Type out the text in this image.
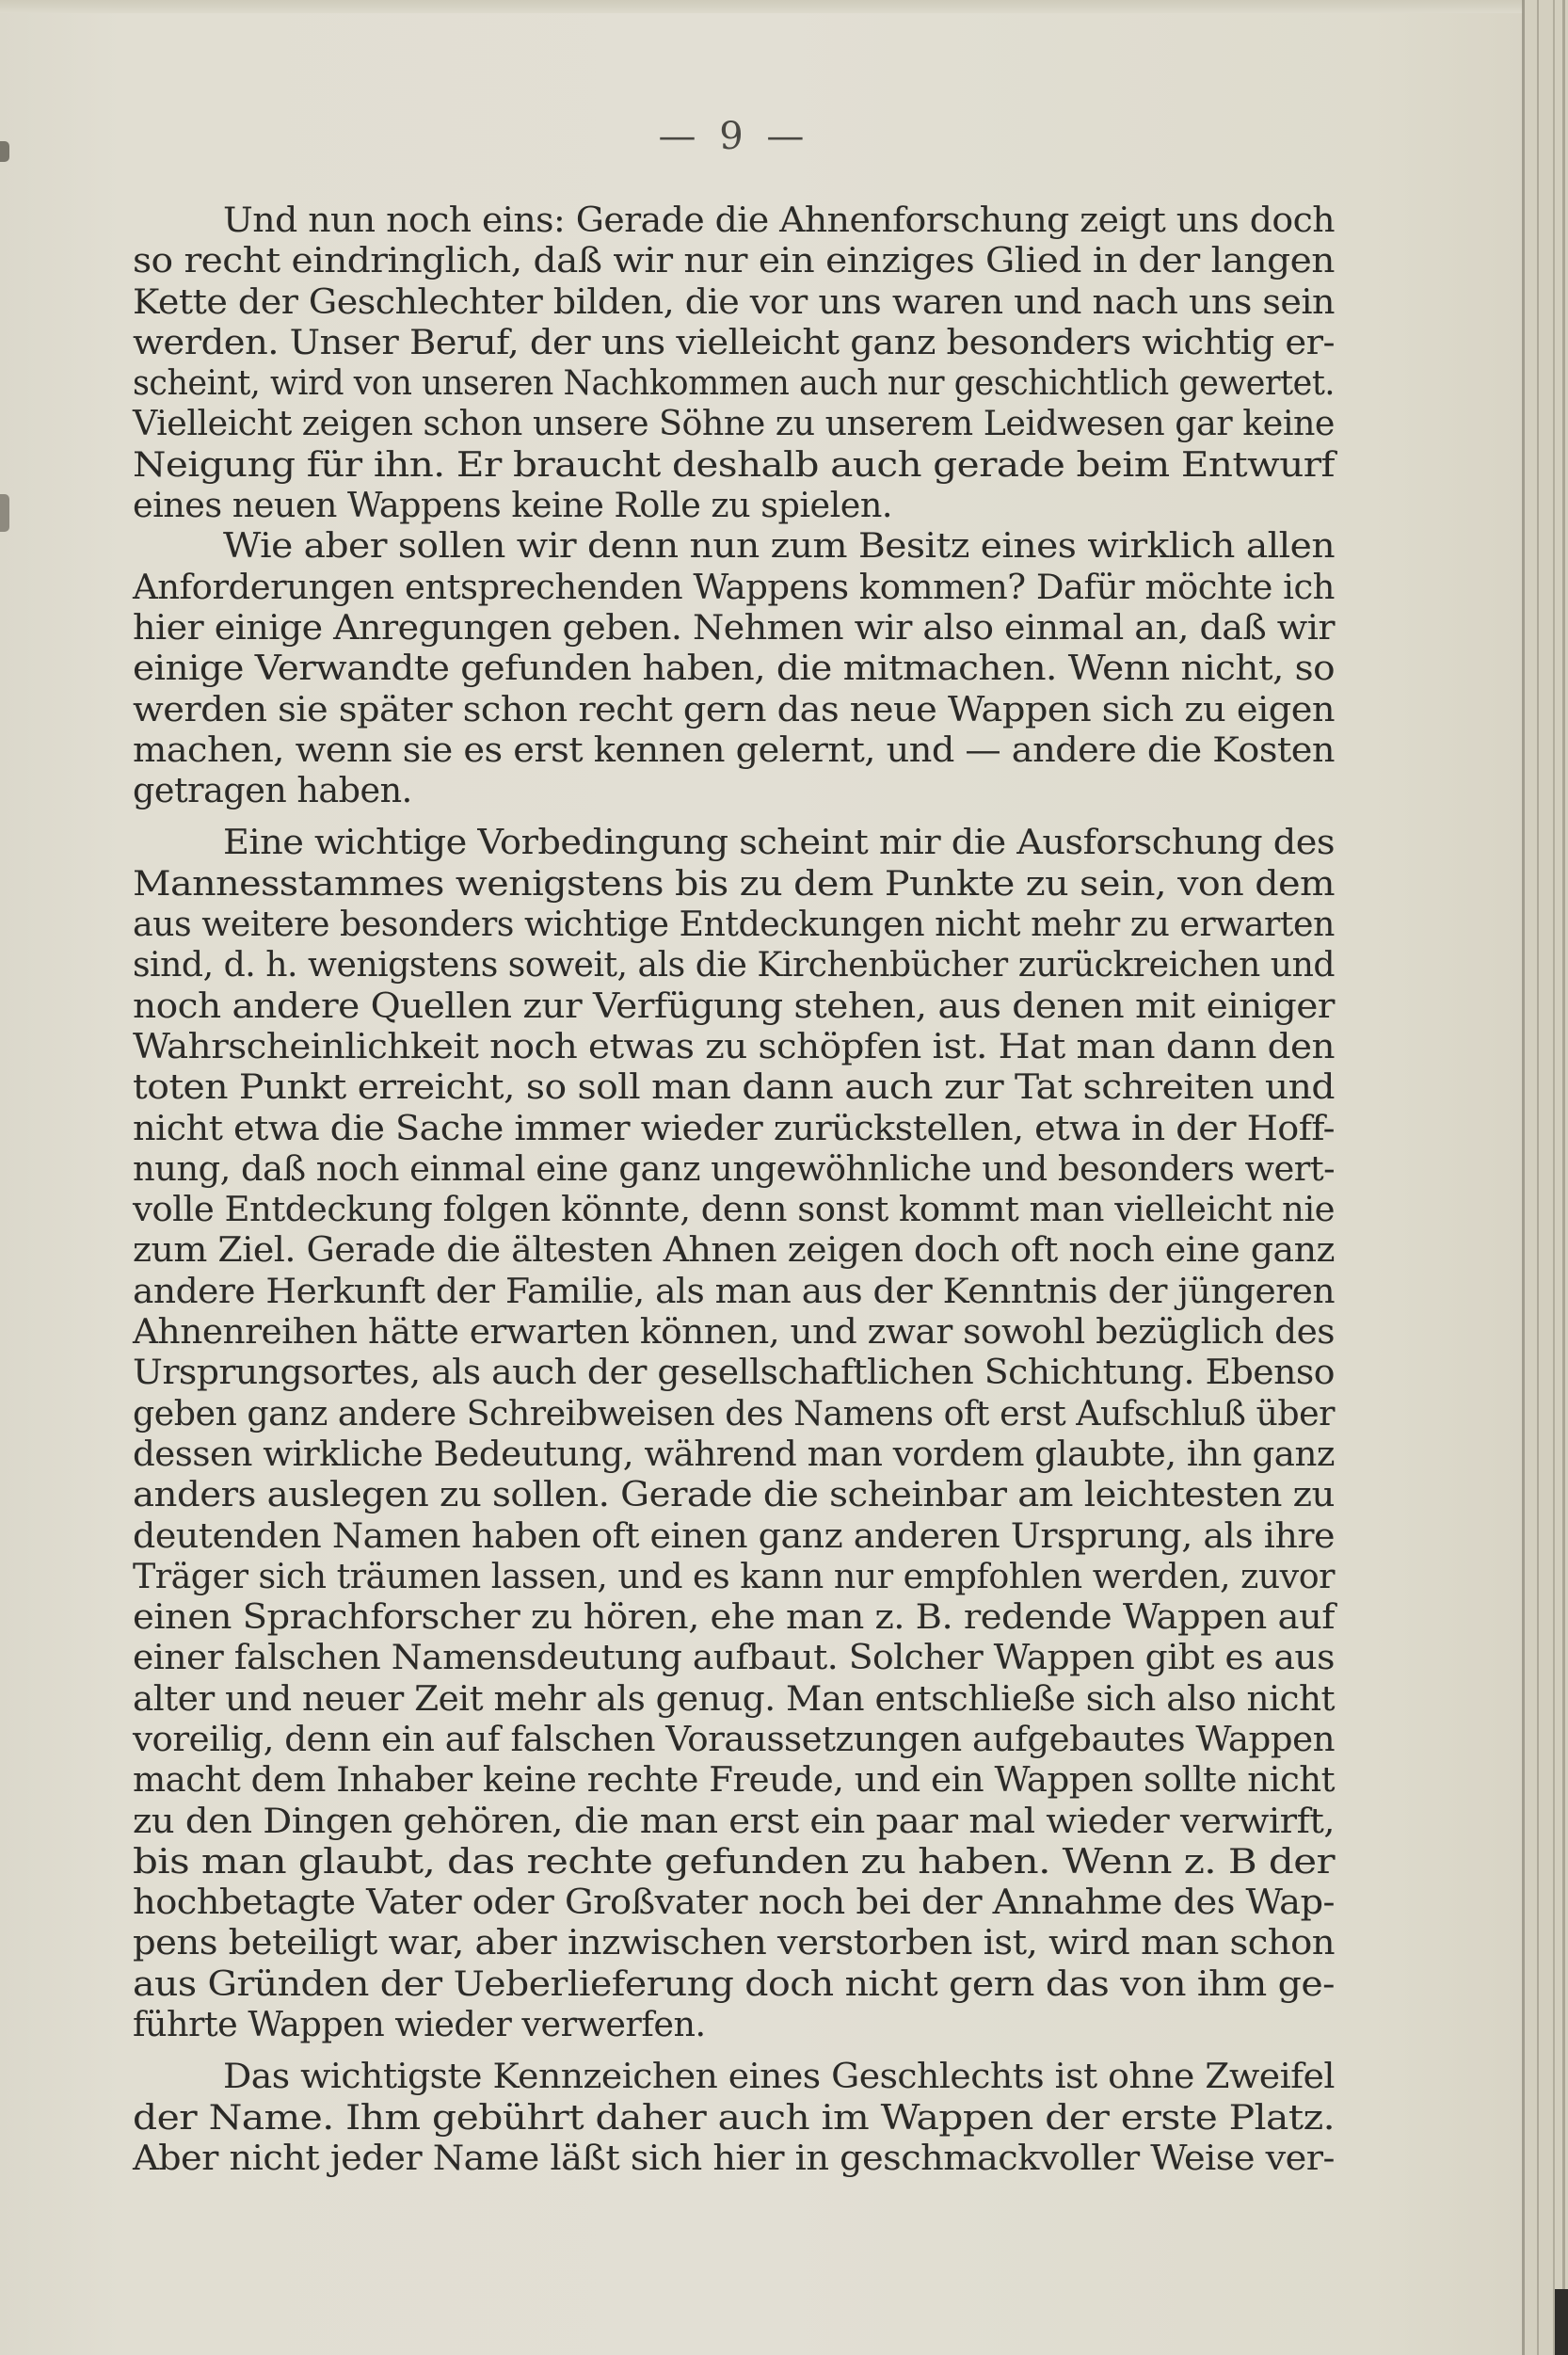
— 9 —
Und nun noch eins: Gerade die Ahnenforschung zeigt uns doch
so recht eindringlich, daß wir nur ein einziges Glied in der langen
Kette der Geschlechter bilden, die vor uns waren und nach uns sein
werden. Unser Beruf, der uns vielleicht ganz besonders wichtig er-
scheint, wird von unseren Nachkommen auch nur geschichtlich gewertet.
Vielleicht zeigen schon unsere Söhne zu unserem Leidwesen gar keine
Neigung für ihn. Er braucht deshalb auch gerade beim Entwurf
eines neuen Wappens keine Rolle zu spielen.
Wie aber sollen wir denn nun zum Besitz eines wirklich allen
Anforderungen entsprechenden Wappens kommen? Dafür möchte ich
hier einige Anregungen geben. Nehmen wir also einmal an, daß wir
einige Verwandte gefunden haben, die mitmachen. Wenn nicht, so
werden sie später schon recht gern das neue Wappen sich zu eigen
machen, wenn sie es erst kennen gelernt, und — andere die Kosten
getragen haben.
Eine wichtige Vorbedingung scheint mir die Ausforschung des
Mannesstammes wenigstens bis zu dem Punkte zu sein, von dem
aus weitere besonders wichtige Entdeckungen nicht mehr zu erwarten
sind, d. h. wenigstens soweit, als die Kirchenbücher zurückreichen und
noch andere Quellen zur Verfügung stehen, aus denen mit einiger
Wahrscheinlichkeit noch etwas zu schöpfen ist. Hat man dann den
toten Punkt erreicht, so soll man dann auch zur Tat schreiten und
nicht etwa die Sache immer wieder zurückstellen, etwa in der Hoff-
nung, daß noch einmal eine ganz ungewöhnliche und besonders wert-
volle Entdeckung folgen könnte, denn sonst kommt man vielleicht nie
zum Ziel. Gerade die ältesten Ahnen zeigen doch oft noch eine ganz
andere Herkunft der Familie, als man aus der Kenntnis der jüngeren
Ahnenreihen hätte erwarten können, und zwar sowohl bezüglich des
Ursprungsortes, als auch der gesellschaftlichen Schichtung. Ebenso
geben ganz andere Schreibweisen des Namens oft erst Aufschluß über
dessen wirkliche Bedeutung, während man vordem glaubte, ihn ganz
anders auslegen zu sollen. Gerade die scheinbar am leichtesten zu
deutenden Namen haben oft einen ganz anderen Ursprung, als ihre
Träger sich träumen lassen, und es kann nur empfohlen werden, zuvor
einen Sprachforscher zu hören, ehe man z. B. redende Wappen auf
einer falschen Namensdeutung aufbaut. Solcher Wappen gibt es aus
alter und neuer Zeit mehr als genug. Man entschließe sich also nicht
voreilig, denn ein auf falschen Voraussetzungen aufgebautes Wappen
macht dem Inhaber keine rechte Freude, und ein Wappen sollte nicht
zu den Dingen gehören, die man erst ein paar mal wieder verwirft,
bis man glaubt, das rechte gefunden zu haben. Wenn z. B der
hochbetagte Vater oder Großvater noch bei der Annahme des Wap-
pens beteiligt war, aber inzwischen verstorben ist, wird man schon
aus Gründen der Ueberlieferung doch nicht gern das von ihm ge-
führte Wappen wieder verwerfen.
Das wichtigste Kennzeichen eines Geschlechts ist ohne Zweifel
der Name. Ihm gebührt daher auch im Wappen der erste Platz.
Aber nicht jeder Name läßt sich hier in geschmackvoller Weise ver-
